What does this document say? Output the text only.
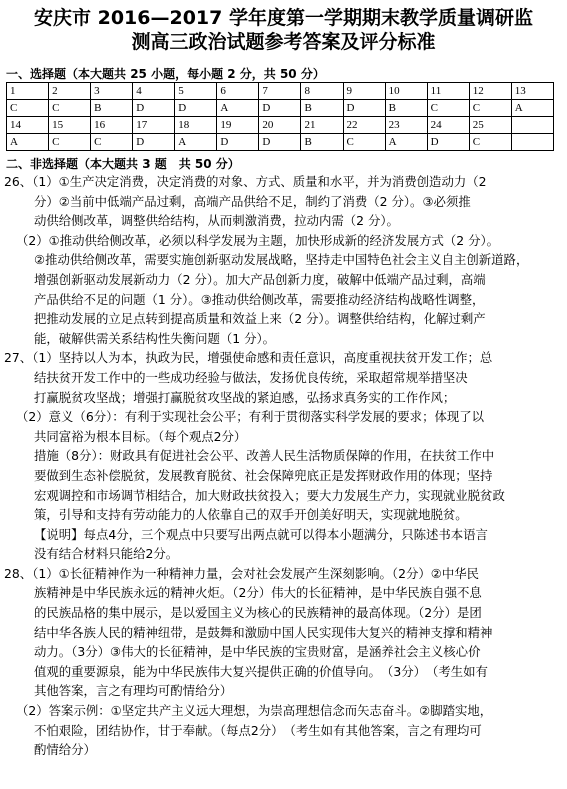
安庆市 2016—2017 学年度第一学期期末教学质量调研监
测高三政治试题参考答案及评分标准
一、选择题（本大题共 25 小题，每小题 2 分，共 50 分）
1	2	3	4	5	6	7	8	9	10	11	12	13
C	C	B	D	D	A	D	B	D	B	C	C	A
14	15	16	17	18	19	20	21	22	23	24	25	
A	C	C	D	A	D	D	B	C	A	D	C	
二、非选择题（本大题共 3 题　共 50 分）
26、（1）①生产决定消费，决定消费的对象、方式、质量和水平，并为消费创造动力（2
分）②当前中低端产品过剩，高端产品供给不足，制约了消费（2 分）。③必须推
动供给侧改革，调整供给结构，从而刺激消费，拉动内需（2 分）。
（2）①推动供给侧改革，必须以科学发展为主题，加快形成新的经济发展方式（2 分）。
②推动供给侧改革，需要实施创新驱动发展战略，坚持走中国特色社会主义自主创新道路，
增强创新驱动发展新动力（2 分）。加大产品创新力度，破解中低端产品过剩，高端
产品供给不足的问题（1 分）。③推动供给侧改革，需要推动经济结构战略性调整，
把推动发展的立足点转到提高质量和效益上来（2 分）。调整供给结构，化解过剩产
能，破解供需关系结构性失衡问题（1 分）。
27、（1）坚持以人为本，执政为民，增强使命感和责任意识，高度重视扶贫开发工作；总
结扶贫开发工作中的一些成功经验与做法，发扬优良传统，采取超常规举措坚决
打赢脱贫攻坚战；增强打赢脱贫攻坚战的紧迫感，弘扬求真务实的工作作风；
（2）意义（6分）：有利于实现社会公平；有利于贯彻落实科学发展的要求；体现了以
共同富裕为根本目标。（每个观点2分）
措施（8分）：财政具有促进社会公平、改善人民生活物质保障的作用，在扶贫工作中
要做到生态补偿脱贫，发展教育脱贫、社会保障兜底正是发挥财政作用的体现；坚持
宏观调控和市场调节相结合，加大财政扶贫投入；要大力发展生产力，实现就业脱贫政
策，引导和支持有劳动能力的人依靠自己的双手开创美好明天，实现就地脱贫。
【说明】每点4分，三个观点中只要写出两点就可以得本小题满分，只陈述书本语言
没有结合材料只能给2分。
28、（1）①长征精神作为一种精神力量，会对社会发展产生深刻影响。（2分）②中华民
族精神是中华民族永远的精神火炬。（2分）伟大的长征精神，是中华民族自强不息
的民族品格的集中展示，是以爱国主义为核心的民族精神的最高体现。（2分）是团
结中华各族人民的精神纽带，是鼓舞和激励中国人民实现伟大复兴的精神支撑和精神
动力。（3分）③伟大的长征精神，是中华民族的宝贵财富，是涵养社会主义核心价
值观的重要源泉，能为中华民族伟大复兴提供正确的价值导向。　（3分）　（考生如有
其他答案，言之有理均可酌情给分）
（2）答案示例：①坚定共产主义远大理想，为崇高理想信念而矢志奋斗。②脚踏实地，
不怕艰险，团结协作，甘于奉献。（每点2分）　（考生如有其他答案，言之有理均可
酌情给分）
